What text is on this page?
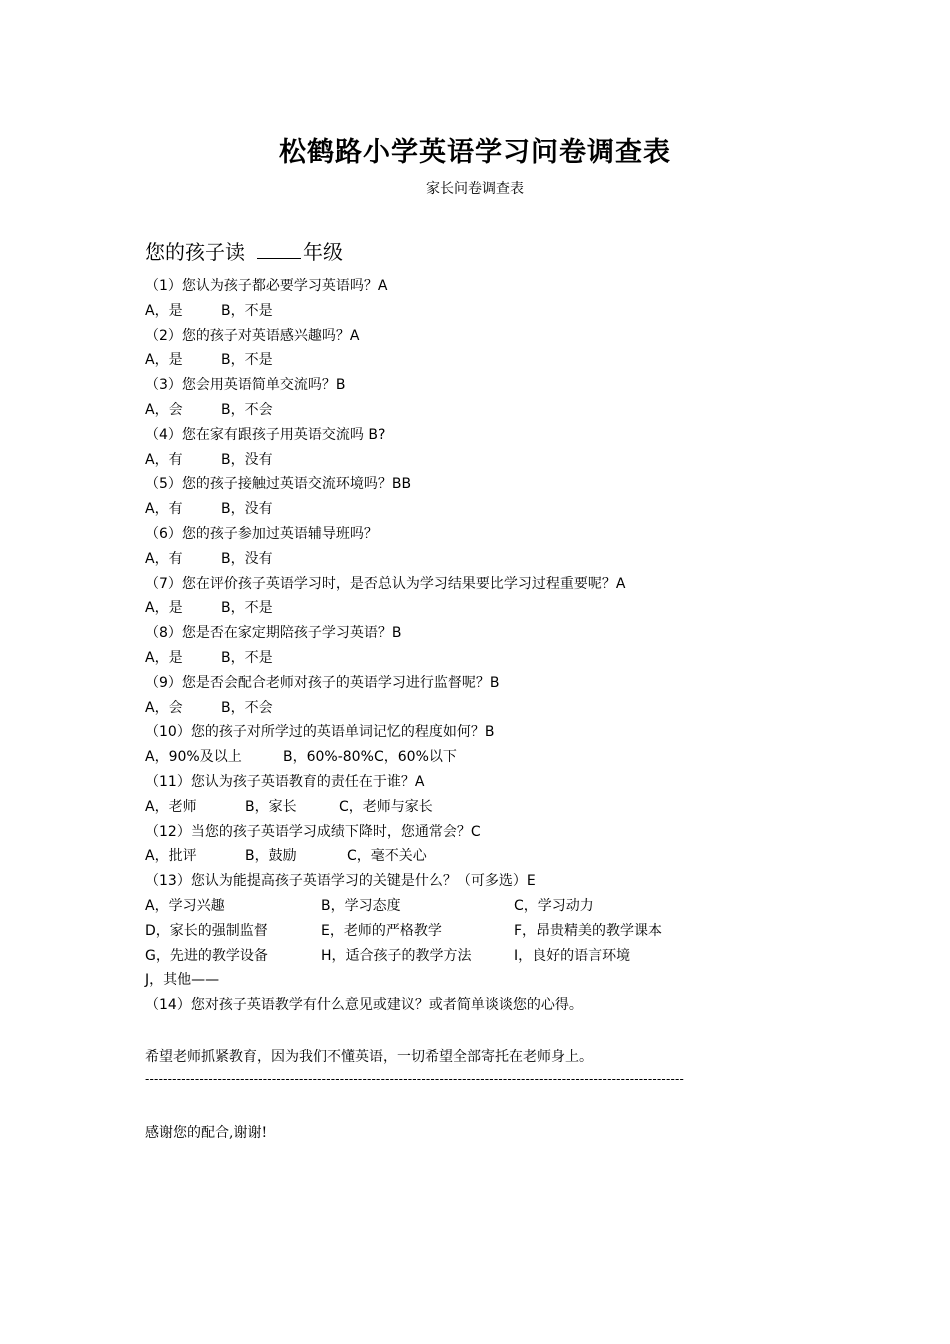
松鹤路小学英语学习问卷调查表
家长问卷调查表
您的孩子读	年级
（1）您认为孩子都必要学习英语吗？A
A，是	B，不是
（2）您的孩子对英语感兴趣吗？A
A，是	B，不是
（3）您会用英语简单交流吗？B
A，会	B，不会
（4）您在家有跟孩子用英语交流吗 B?
A，有	B，没有
（5）您的孩子接触过英语交流环境吗？BB
A，有	B，没有
（6）您的孩子参加过英语辅导班吗？
A，有	B，没有
（7）您在评价孩子英语学习时，是否总认为学习结果要比学习过程重要呢？A
A，是	B，不是
（8）您是否在家定期陪孩子学习英语？B
A，是	B，不是
（9）您是否会配合老师对孩子的英语学习进行监督呢？B
A，会	B，不会
（10）您的孩子对所学过的英语单词记忆的程度如何？B
A，90%及以上	B，60%-80%C，60%以下
（11）您认为孩子英语教育的责任在于谁？A
A，老师	B，家长	C，老师与家长
（12）当您的孩子英语学习成绩下降时，您通常会？C
A，批评	B，鼓励	C，毫不关心
（13）您认为能提高孩子英语学习的关键是什么？（可多选）E
A，学习兴趣	B，学习态度	C，学习动力
D，家长的强制监督	E，老师的严格教学	F，昂贵精美的教学课本
G，先进的教学设备	H，适合孩子的教学方法	I，良好的语言环境
J，其他——
（14）您对孩子英语教学有什么意见或建议？或者简单谈谈您的心得。
希望老师抓紧教育，因为我们不懂英语，一切希望全部寄托在老师身上。
-----------------------------------------------------------------------------------------------------------------------
感谢您的配合,谢谢!
